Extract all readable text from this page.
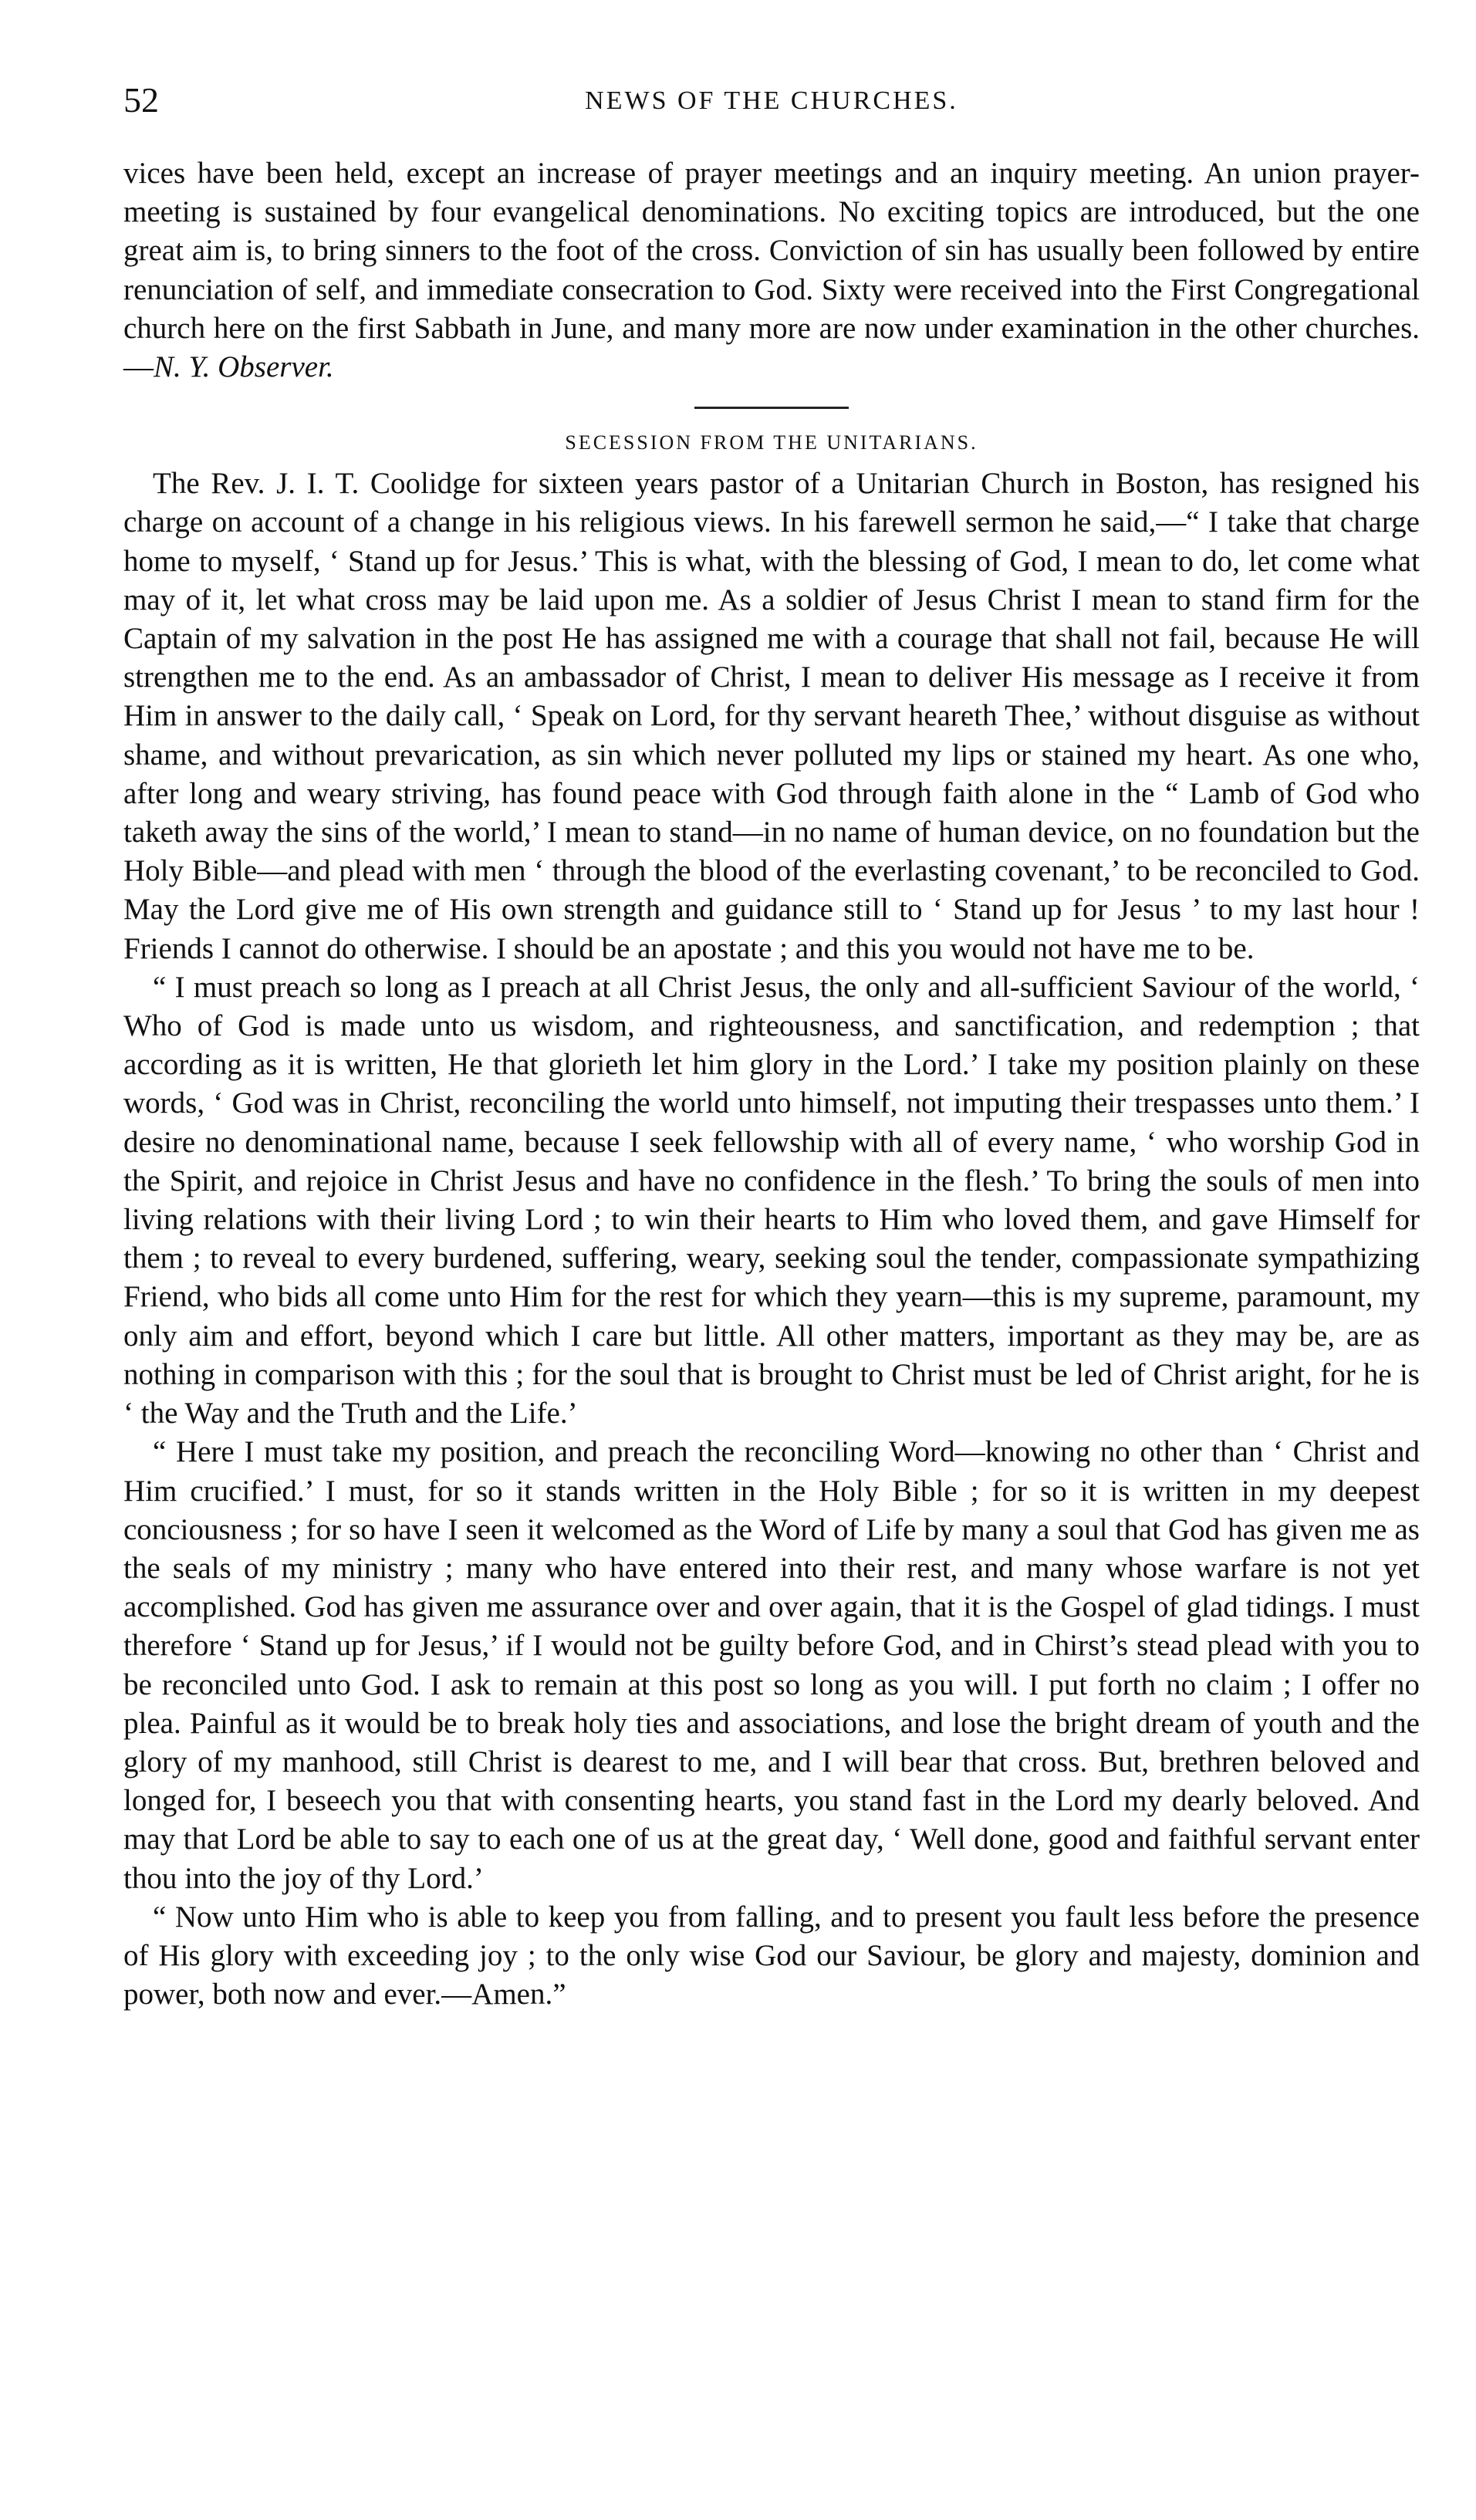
52	NEWS OF THE CHURCHES.

vices have been held, except an increase of prayer meetings and an inquiry meeting. An union prayer-meeting is sustained by four evangelical denominations. No exciting topics are introduced, but the one great aim is, to bring sinners to the foot of the cross. Conviction of sin has usually been followed by entire renunciation of self, and immediate consecration to God. Sixty were received into the First Congregational church here on the first Sabbath in June, and many more are now under examination in the other churches.—N. Y. Observer.

SECESSION FROM THE UNITARIANS.

The Rev. J. I. T. Coolidge for sixteen years pastor of a Unitarian Church in Boston, has resigned his charge on account of a change in his religious views. In his farewell sermon he said,—“ I take that charge home to myself, ‘ Stand up for Jesus.’ This is what, with the blessing of God, I mean to do, let come what may of it, let what cross may be laid upon me. As a soldier of Jesus Christ I mean to stand firm for the Captain of my salvation in the post He has assigned me with a courage that shall not fail, because He will strengthen me to the end. As an ambassador of Christ, I mean to deliver His message as I receive it from Him in answer to the daily call, ‘ Speak on Lord, for thy servant heareth Thee,’ without disguise as without shame, and without prevarication, as sin which never polluted my lips or stained my heart. As one who, after long and weary striving, has found peace with God through faith alone in the “ Lamb of God who taketh away the sins of the world,’ I mean to stand—in no name of human device, on no foundation but the Holy Bible—and plead with men ‘ through the blood of the everlasting covenant,’ to be reconciled to God. May the Lord give me of His own strength and guidance still to ‘ Stand up for Jesus ’ to my last hour ! Friends I cannot do otherwise. I should be an apostate ; and this you would not have me to be.

“ I must preach so long as I preach at all Christ Jesus, the only and all-sufficient Saviour of the world, ‘ Who of God is made unto us wisdom, and righteousness, and sanctification, and redemption ; that according as it is written, He that glorieth let him glory in the Lord.’ I take my position plainly on these words, ‘ God was in Christ, reconciling the world unto himself, not imputing their trespasses unto them.’ I desire no denominational name, because I seek fellowship with all of every name, ‘ who worship God in the Spirit, and rejoice in Christ Jesus and have no confidence in the flesh.’ To bring the souls of men into living relations with their living Lord ; to win their hearts to Him who loved them, and gave Himself for them ; to reveal to every burdened, suffering, weary, seeking soul the tender, compassionate sympathizing Friend, who bids all come unto Him for the rest for which they yearn—this is my supreme, paramount, my only aim and effort, beyond which I care but little. All other matters, important as they may be, are as nothing in comparison with this ; for the soul that is brought to Christ must be led of Christ aright, for he is ‘ the Way and the Truth and the Life.’

“ Here I must take my position, and preach the reconciling Word—knowing no other than ‘ Christ and Him crucified.’ I must, for so it stands written in the Holy Bible ; for so it is written in my deepest conciousness ; for so have I seen it welcomed as the Word of Life by many a soul that God has given me as the seals of my ministry ; many who have entered into their rest, and many whose warfare is not yet accomplished. God has given me assurance over and over again, that it is the Gospel of glad tidings. I must therefore ‘ Stand up for Jesus,’ if I would not be guilty before God, and in Chirst’s stead plead with you to be reconciled unto God. I ask to remain at this post so long as you will. I put forth no claim ; I offer no plea. Painful as it would be to break holy ties and associations, and lose the bright dream of youth and the glory of my manhood, still Christ is dearest to me, and I will bear that cross. But, brethren beloved and longed for, I beseech you that with consenting hearts, you stand fast in the Lord my dearly beloved. And may that Lord be able to say to each one of us at the great day, ‘ Well done, good and faithful servant enter thou into the joy of thy Lord.’

“ Now unto Him who is able to keep you from falling, and to present you fault less before the presence of His glory with exceeding joy ; to the only wise God our Saviour, be glory and majesty, dominion and power, both now and ever.—Amen.”
